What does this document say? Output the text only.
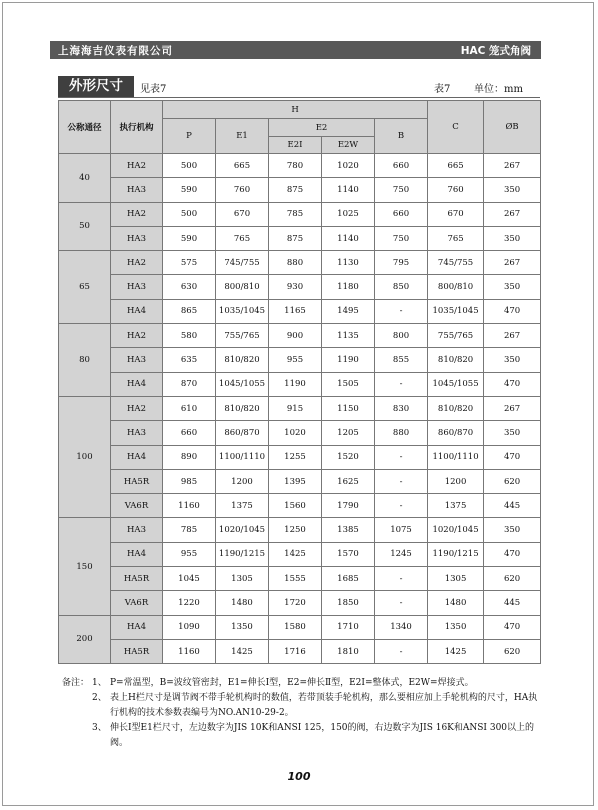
上海海吉仪表有限公司	HAC 笼式角阀
外形尺寸	见表7	表7 单位：mm
公称通径	执行机构	H					C	ØB
		P	E1	E2		B		
				E2I	E2W			
40	HA2	500	665	780	1020	660	665	267
	HA3	590	760	875	1140	750	760	350
50	HA2	500	670	785	1025	660	670	267
	HA3	590	765	875	1140	750	765	350
65	HA2	575	745/755	880	1130	795	745/755	267
	HA3	630	800/810	930	1180	850	800/810	350
	HA4	865	1035/1045	1165	1495	-	1035/1045	470
80	HA2	580	755/765	900	1135	800	755/765	267
	HA3	635	810/820	955	1190	855	810/820	350
	HA4	870	1045/1055	1190	1505	-	1045/1055	470
100	HA2	610	810/820	915	1150	830	810/820	267
	HA3	660	860/870	1020	1205	880	860/870	350
	HA4	890	1100/1110	1255	1520	-	1100/1110	470
	HA5R	985	1200	1395	1625	-	1200	620
	VA6R	1160	1375	1560	1790	-	1375	445
150	HA3	785	1020/1045	1250	1385	1075	1020/1045	350
	HA4	955	1190/1215	1425	1570	1245	1190/1215	470
	HA5R	1045	1305	1555	1685	-	1305	620
	VA6R	1220	1480	1720	1850	-	1480	445
200	HA4	1090	1350	1580	1710	1340	1350	470
	HA5R	1160	1425	1716	1810	-	1425	620
备注： 1、 P=常温型，B=波纹管密封，E1=伸长Ⅰ型，E2=伸长Ⅱ型，E2I=整体式，E2W=焊接式。
2、 表上H栏尺寸是调节阀不带手轮机构时的数值，若带顶装手轮机构，那么要相应加上手轮机构的尺寸，HA执行机构的技术参数表编号为NO.AN10-29-2。
3、 伸长Ⅰ型E1栏尺寸，左边数字为JIS 10K和ANSI 125，150的阀，右边数字为JIS 16K和ANSI 300以上的阀。
100
